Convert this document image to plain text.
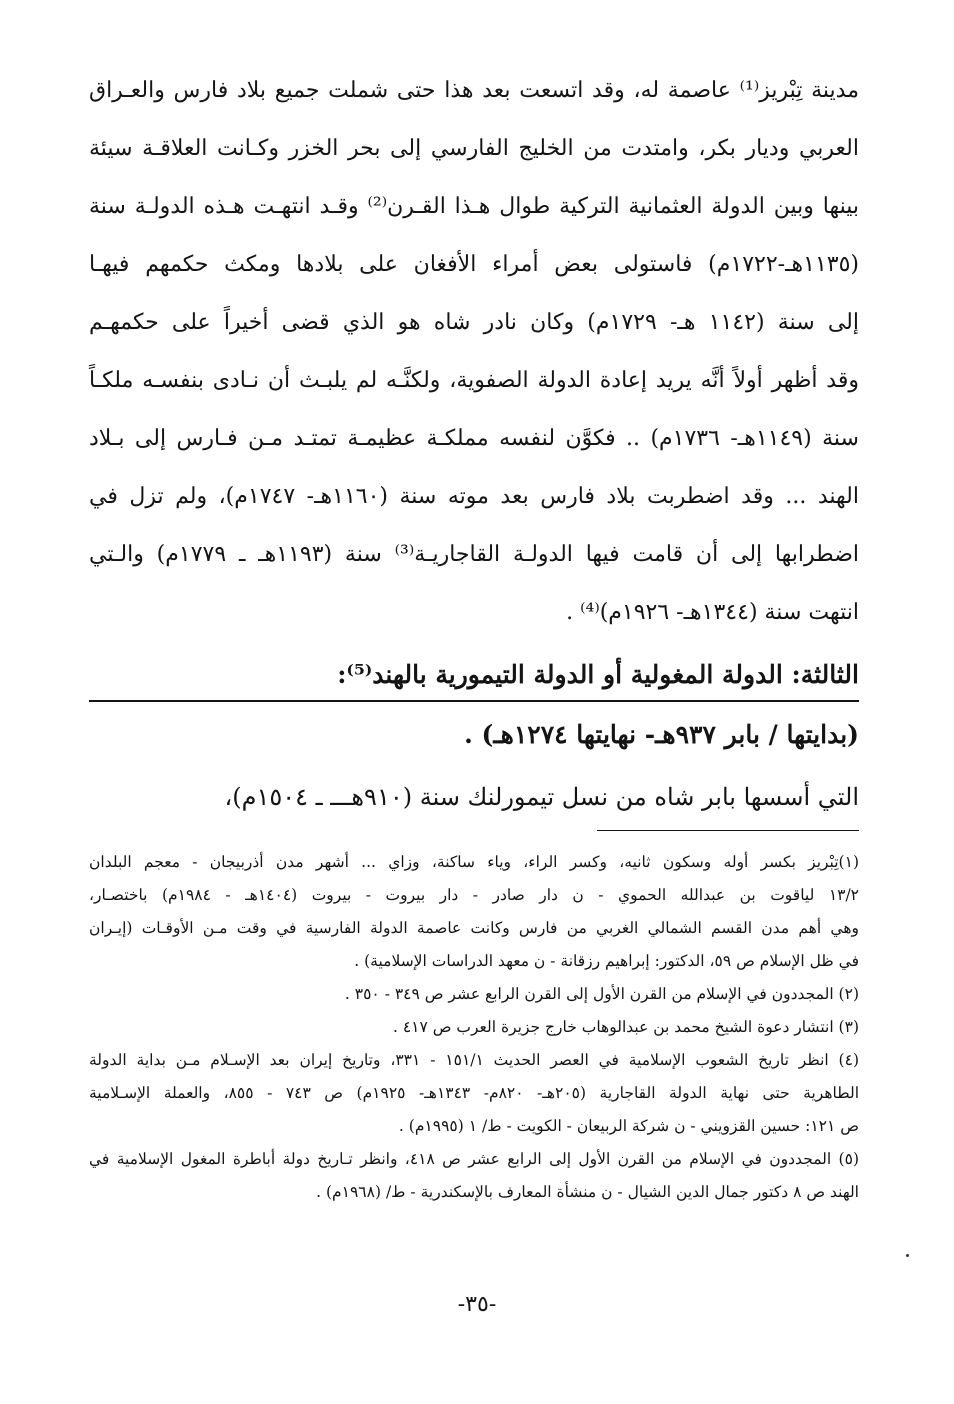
مدينة تِبْريز⁽¹⁾ عاصمة له، وقد اتسعت بعد هذا حتى شملت جميع بلاد فارس والعـراق
العربي وديار بكر، وامتدت من الخليج الفارسي إلى بحر الخزر وكـانت العلاقـة سيئة
بينها وبين الدولة العثمانية التركية طوال هـذا القـرن⁽²⁾ وقـد انتهـت هـذه الدولـة سنة
(١١٣٥هـ-١٧٢٢م) فاستولى بعض أمراء الأفغان على بلادها ومكث حكمهم فيهـا
إلى سنة (١١٤٢ هـ- ١٧٢٩م) وكان نادر شاه هو الذي قضى أخيراً على حكمهـم
وقد أظهر أولاً أنَّه يريد إعادة الدولة الصفوية، ولكنَّـه لم يلبـث أن نـادى بنفسـه ملكـاً
سنة (١١٤٩هـ- ١٧٣٦م) .. فكوَّن لنفسه مملكـة عظيمـة تمتـد مـن فـارس إلى بـلاد
الهند ... وقد اضطربت بلاد فارس بعد موته سنة (١١٦٠هـ- ١٧٤٧م)، ولم تزل في
اضطرابها إلى أن قامت فيها الدولـة القاجاريـة⁽³⁾ سنة (١١٩٣هـ ـ ١٧٧٩م) والـتي
انتهت سنة (١٣٤٤هـ- ١٩٢٦م)⁽⁴⁾ .
الثالثة: الدولة المغولية أو الدولة التيمورية بالهند⁽⁵⁾:
(بدايتها / بابر ٩٣٧هـ- نهايتها ١٢٧٤هـ) .
التي أسسها بابر شاه من نسل تيمورلنك سنة (٩١٠هـــ ـ ١٥٠٤م)،
(١)تِبْريز بكسر أوله وسكون ثانيه، وكسر الراء، وياء ساكنة، وزاي ... أشهر مدن أذربيجان - معجم البلدان
١٣/٢ لياقوت بن عبدالله الحموي - ن دار صادر - دار بيروت - بيروت (١٤٠٤هـ - ١٩٨٤م) باختصـار،
وهي أهم مدن القسم الشمالي الغربي من فارس وكانت عاصمة الدولة الفارسية في وقت مـن الأوقـات (إيـران
في ظل الإسلام ص ٥٩، الدكتور: إبراهيم رزقانة - ن معهد الدراسات الإسلامية) .
(٢) المجددون في الإسلام من القرن الأول إلى القرن الرابع عشر ص ٣٤٩ - ٣٥٠ .
(٣) انتشار دعوة الشيخ محمد بن عبدالوهاب خارج جزيرة العرب ص ٤١٧ .
(٤) انظر تاريخ الشعوب الإسلامية في العصر الحديث ١٥١/١ - ٣٣١، وتاريخ إيران بعد الإسـلام مـن بداية الدولة
الطاهرية حتى نهاية الدولة القاجارية (٢٠٥هـ- ٨٢٠م- ١٣٤٣هـ- ١٩٢٥م) ص ٧٤٣ - ٨٥٥، والعملة الإسـلامية
ص ١٢١: حسين القزويني - ن شركة الربيعان - الكويت - ط/ ١ (١٩٩٥م) .
(٥) المجددون في الإسلام من القرن الأول إلى الرابع عشر ص ٤١٨، وانظر تـاريخ دولة أباطرة المغول الإسلامية في
الهند ص ٨ دكتور جمال الدين الشيال - ن منشأة المعارف بالإسكندرية - ط/ (١٩٦٨م) .
-٣٥-
